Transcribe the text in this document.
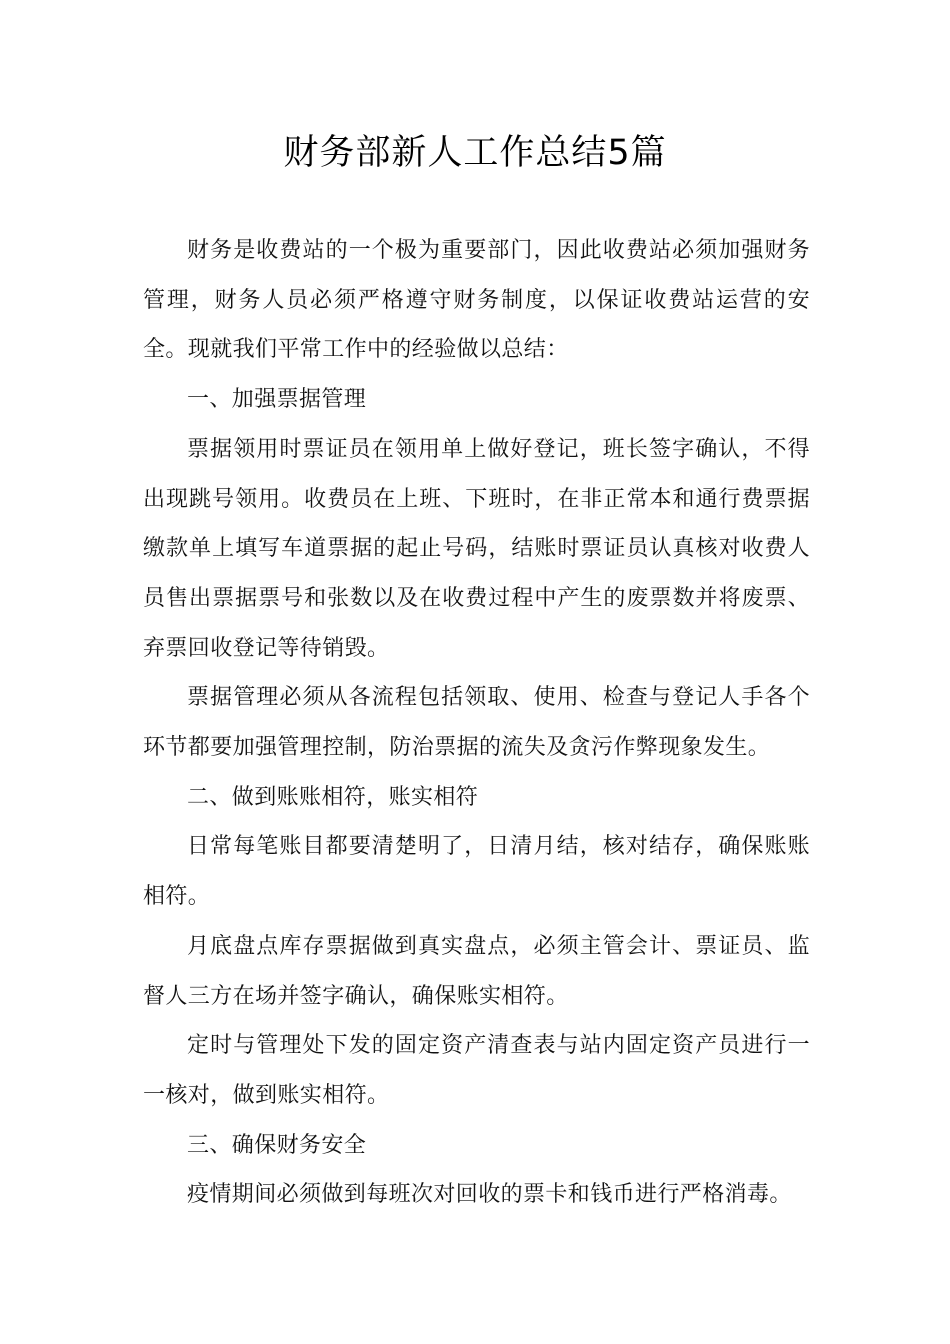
财务部新人工作总结5篇

财务是收费站的一个极为重要部门，因此收费站必须加强财务管理，财务人员必须严格遵守财务制度，以保证收费站运营的安全。现就我们平常工作中的经验做以总结：

一、加强票据管理

票据领用时票证员在领用单上做好登记，班长签字确认，不得出现跳号领用。收费员在上班、下班时，在非正常本和通行费票据缴款单上填写车道票据的起止号码，结账时票证员认真核对收费人员售出票据票号和张数以及在收费过程中产生的废票数并将废票、弃票回收登记等待销毁。

票据管理必须从各流程包括领取、使用、检查与登记人手各个环节都要加强管理控制，防治票据的流失及贪污作弊现象发生。

二、做到账账相符，账实相符

日常每笔账目都要清楚明了，日清月结，核对结存，确保账账相符。

月底盘点库存票据做到真实盘点，必须主管会计、票证员、监督人三方在场并签字确认，确保账实相符。

定时与管理处下发的固定资产清查表与站内固定资产员进行一一核对，做到账实相符。

三、确保财务安全

疫情期间必须做到每班次对回收的票卡和钱币进行严格消毒。
